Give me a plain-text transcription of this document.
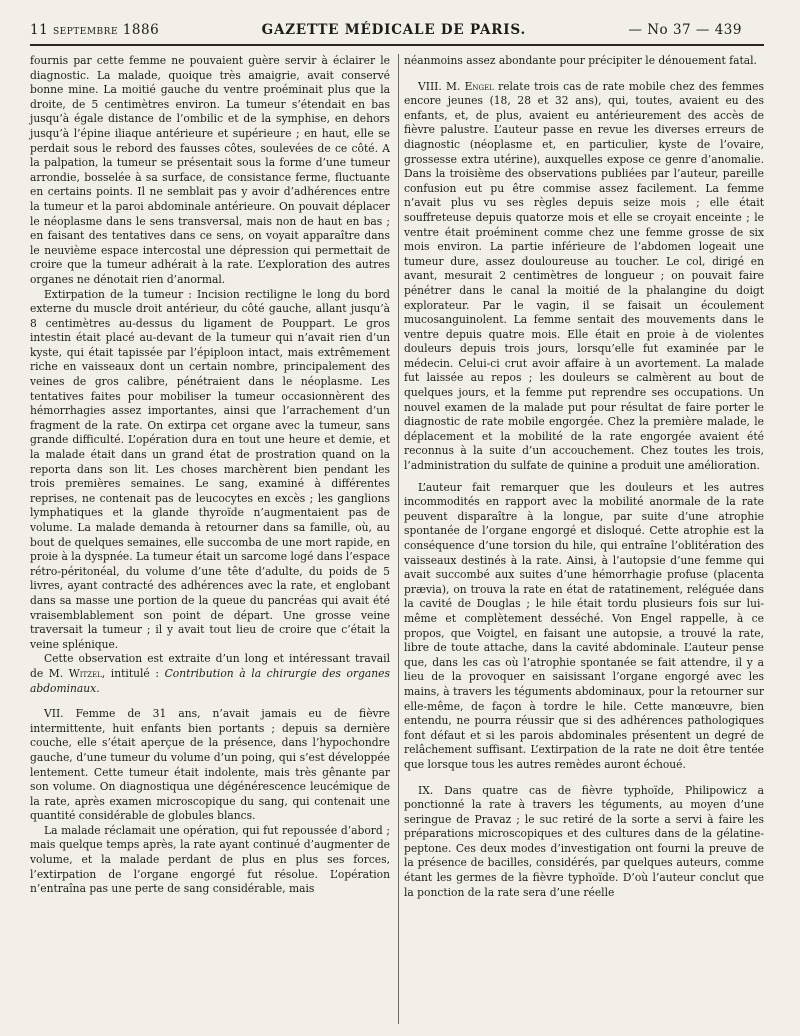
11 septembre 1886	GAZETTE MÉDICALE DE PARIS.	— No 37 — 439

fournis par cette femme ne pouvaient guère servir à éclairer le diagnostic. La malade, quoique très amaigrie, avait conservé bonne mine. La moitié gauche du ventre proéminait plus que la droite, de 5 centimètres environ. La tumeur s’étendait en bas jusqu’à égale distance de l’ombilic et de la symphise, en dehors jusqu’à l’épine iliaque antérieure et supérieure ; en haut, elle se perdait sous le rebord des fausses côtes, soulevées de ce côté. A la palpation, la tumeur se présentait sous la forme d’une tumeur arrondie, bosselée à sa surface, de consistance ferme, fluctuante en certains points. Il ne semblait pas y avoir d’adhérences entre la tumeur et la paroi abdominale antérieure. On pouvait déplacer le néoplasme dans le sens transversal, mais non de haut en bas ; en faisant des tentatives dans ce sens, on voyait apparaître dans le neuvième espace intercostal une dépression qui permettait de croire que la tumeur adhérait à la rate. L’exploration des autres organes ne dénotait rien d’anormal.

Extirpation de la tumeur : Incision rectiligne le long du bord externe du muscle droit antérieur, du côté gauche, allant jusqu’à 8 centimètres au-dessus du ligament de Pouppart. Le gros intestin était placé au-devant de la tumeur qui n’avait rien d’un kyste, qui était tapissée par l’épiploon intact, mais extrêmement riche en vaisseaux dont un certain nombre, principalement des veines de gros calibre, pénétraient dans le néoplasme. Les tentatives faites pour mobiliser la tumeur occasionnèrent des hémorrhagies assez importantes, ainsi que l’arrachement d’un fragment de la rate. On extirpa cet organe avec la tumeur, sans grande difficulté. L’opération dura en tout une heure et demie, et la malade était dans un grand état de prostration quand on la reporta dans son lit. Les choses marchèrent bien pendant les trois premières semaines. Le sang, examiné à différentes reprises, ne contenait pas de leucocytes en excès ; les ganglions lymphatiques et la glande thyroïde n’augmentaient pas de volume. La malade demanda à retourner dans sa famille, où, au bout de quelques semaines, elle succomba de une mort rapide, en proie à la dyspnée. La tumeur était un sarcome logé dans l’espace rétro-péritonéal, du volume d’une tête d’adulte, du poids de 5 livres, ayant contracté des adhérences avec la rate, et englobant dans sa masse une portion de la queue du pancréas qui avait été vraisemblablement son point de départ. Une grosse veine traversait la tumeur ; il y avait tout lieu de croire que c’était la veine splénique.

Cette observation est extraite d’un long et intéressant travail de M. Witzel, intitulé : Contribution à la chirurgie des organes abdominaux.

VII. Femme de 31 ans, n’avait jamais eu de fièvre intermittente, huit enfants bien portants ; depuis sa dernière couche, elle s’était aperçue de la présence, dans l’hypochondre gauche, d’une tumeur du volume d’un poing, qui s’est développée lentement. Cette tumeur était indolente, mais très gênante par son volume. On diagnostiqua une dégénérescence leucémique de la rate, après examen microscopique du sang, qui contenait une quantité considérable de globules blancs.

La malade réclamait une opération, qui fut repoussée d’abord ; mais quelque temps après, la rate ayant continué d’augmenter de volume, et la malade perdant de plus en plus ses forces, l’extirpation de l’organe engorgé fut résolue. L’opération n’entraîna pas une perte de sang considérable, mais

néanmoins assez abondante pour précipiter le dénouement fatal.

VIII. M. Engel relate trois cas de rate mobile chez des femmes encore jeunes (18, 28 et 32 ans), qui, toutes, avaient eu des enfants, et, de plus, avaient eu antérieurement des accès de fièvre palustre. L’auteur passe en revue les diverses erreurs de diagnostic (néoplasme et, en particulier, kyste de l’ovaire, grossesse extra utérine), auxquelles expose ce genre d’anomalie. Dans la troisième des observations publiées par l’auteur, pareille confusion eut pu être commise assez facilement. La femme n’avait plus vu ses règles depuis seize mois ; elle était souffreteuse depuis quatorze mois et elle se croyait enceinte ; le ventre était proéminent comme chez une femme grosse de six mois environ. La partie inférieure de l’abdomen logeait une tumeur dure, assez douloureuse au toucher. Le col, dirigé en avant, mesurait 2 centimètres de longueur ; on pouvait faire pénétrer dans le canal la moitié de la phalangine du doigt explorateur. Par le vagin, il se faisait un écoulement mucosanguinolent. La femme sentait des mouvements dans le ventre depuis quatre mois. Elle était en proie à de violentes douleurs depuis trois jours, lorsqu’elle fut examinée par le médecin. Celui-ci crut avoir affaire à un avortement. La malade fut laissée au repos ; les douleurs se calmèrent au bout de quelques jours, et la femme put reprendre ses occupations. Un nouvel examen de la malade put pour résultat de faire porter le diagnostic de rate mobile engorgée. Chez la première malade, le déplacement et la mobilité de la rate engorgée avaient été reconnus à la suite d’un accouchement. Chez toutes les trois, l’administration du sulfate de quinine a produit une amélioration.

L’auteur fait remarquer que les douleurs et les autres incommodités en rapport avec la mobilité anormale de la rate peuvent disparaître à la longue, par suite d’une atrophie spontanée de l’organe engorgé et disloqué. Cette atrophie est la conséquence d’une torsion du hile, qui entraîne l’oblitération des vaisseaux destinés à la rate. Ainsi, à l’autopsie d’une femme qui avait succombé aux suites d’une hémorrhagie profuse (placenta prævia), on trouva la rate en état de ratatinement, reléguée dans la cavité de Douglas ; le hile était tordu plusieurs fois sur lui-même et complètement desséché. Von Engel rappelle, à ce propos, que Voigtel, en faisant une autopsie, a trouvé la rate, libre de toute attache, dans la cavité abdominale. L’auteur pense que, dans les cas où l’atrophie spontanée se fait attendre, il y a lieu de la provoquer en saisissant l’organe engorgé avec les mains, à travers les téguments abdominaux, pour la retourner sur elle-même, de façon à tordre le hile. Cette manœuvre, bien entendu, ne pourra réussir que si des adhérences pathologiques font défaut et si les parois abdominales présentent un degré de relâchement suffisant. L’extirpation de la rate ne doit être tentée que lorsque tous les autres remèdes auront échoué.

IX. Dans quatre cas de fièvre typhoïde, Philipowicz a ponctionné la rate à travers les téguments, au moyen d’une seringue de Pravaz ; le suc retiré de la sorte a servi à faire les préparations microscopiques et des cultures dans de la gélatine-peptone. Ces deux modes d’investigation ont fourni la preuve de la présence de bacilles, considérés, par quelques auteurs, comme étant les germes de la fièvre typhoïde. D’où l’auteur conclut que la ponction de la rate sera d’une réelle
